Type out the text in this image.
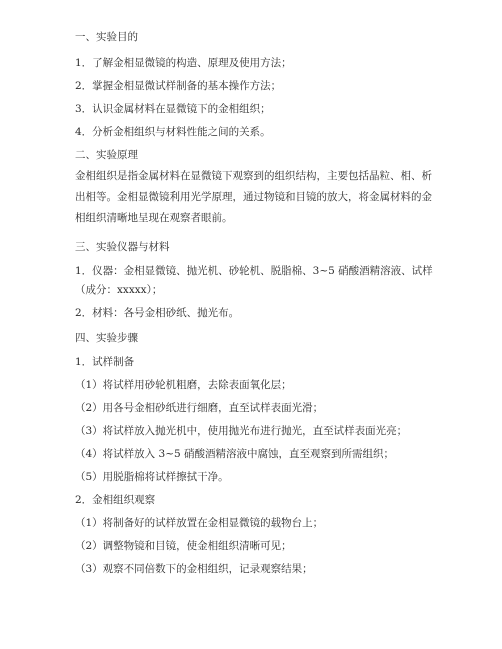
一、实验目的
1．了解金相显微镜的构造、原理及使用方法；
2．掌握金相显微试样制备的基本操作方法；
3．认识金属材料在显微镜下的金相组织；
4．分析金相组织与材料性能之间的关系。
二、实验原理
金相组织是指金属材料在显微镜下观察到的组织结构，主要包括晶粒、相、析出相等。金相显微镜利用光学原理，通过物镜和目镜的放大，将金属材料的金相组织清晰地呈现在观察者眼前。
三、实验仪器与材料
1．仪器：金相显微镜、抛光机、砂轮机、脱脂棉、3~5 硝酸酒精溶液、试样（成分：xxxxx）；
2．材料：各号金相砂纸、抛光布。
四、实验步骤
1．试样制备
（1）将试样用砂轮机粗磨，去除表面氧化层；
（2）用各号金相砂纸进行细磨，直至试样表面光滑；
（3）将试样放入抛光机中，使用抛光布进行抛光，直至试样表面光亮；
（4）将试样放入 3~5 硝酸酒精溶液中腐蚀，直至观察到所需组织；
（5）用脱脂棉将试样擦拭干净。
2．金相组织观察
（1）将制备好的试样放置在金相显微镜的载物台上；
（2）调整物镜和目镜，使金相组织清晰可见；
（3）观察不同倍数下的金相组织，记录观察结果；
